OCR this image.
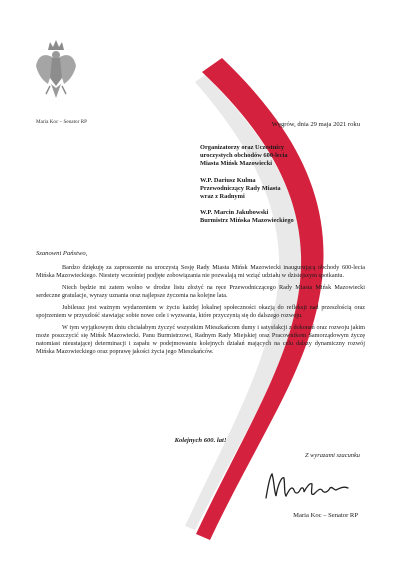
Maria Koc – Senator RP	Węgrów, dnia 29 maja 2021 roku
Organizatorzy oraz Uczestnicy
uroczystych obchodów 600-lecia
Miasta Mińsk Mazowiecki
W.P. Dariusz Kulma
Przewodniczący Rady Miasta
wraz z Radnymi
W.P. Marcin Jakubowski
Burmistrz Mińska Mazowieckiego
Szanowni Państwo,

Bardzo dziękuję za zaproszenie na uroczystą Sesję Rady Miasta Mińsk Mazowiecki inaugurującą obchody 600-lecia Mińska Mazowieckiego. Niestety wcześniej podjęte zobowiązania nie pozwalają mi wziąć udziału w dzisiejszym spotkaniu.

Niech będzie mi zatem wolno w drodze listu złożyć na ręce Przewodniczącego Rady Miasta Mińsk Mazowiecki serdeczne gratulacje, wyrazy uznania oraz najlepsze życzenia na kolejne lata.

Jubileusz jest ważnym wydarzeniem w życiu każdej lokalnej społeczności okazją do refleksji nad przeszłością oraz spojrzeniem w przyszłość stawiając sobie nowe cele i wyzwania, które przyczynią się do dalszego rozwoju.

W tym wyjątkowym dniu chciałabym życzyć wszystkim Mieszkańcom dumy i satysfakcji z dokonań oraz rozwoju jakim może poszczycić się Mińsk Mazowiecki. Panu Burmistrzowi, Radnym Rady Miejskiej oraz Pracownikom Samorządowym życzę natomiast nieustającej determinacji i zapału w podejmowaniu kolejnych działań mających na celu dalszy dynamiczny rozwój Mińska Mazowieckiego oraz poprawę jakości życia jego Mieszkańców.

Kolejnych 600. lat!
Z wyrazami szacunku
Maria Koc – Senator RP
